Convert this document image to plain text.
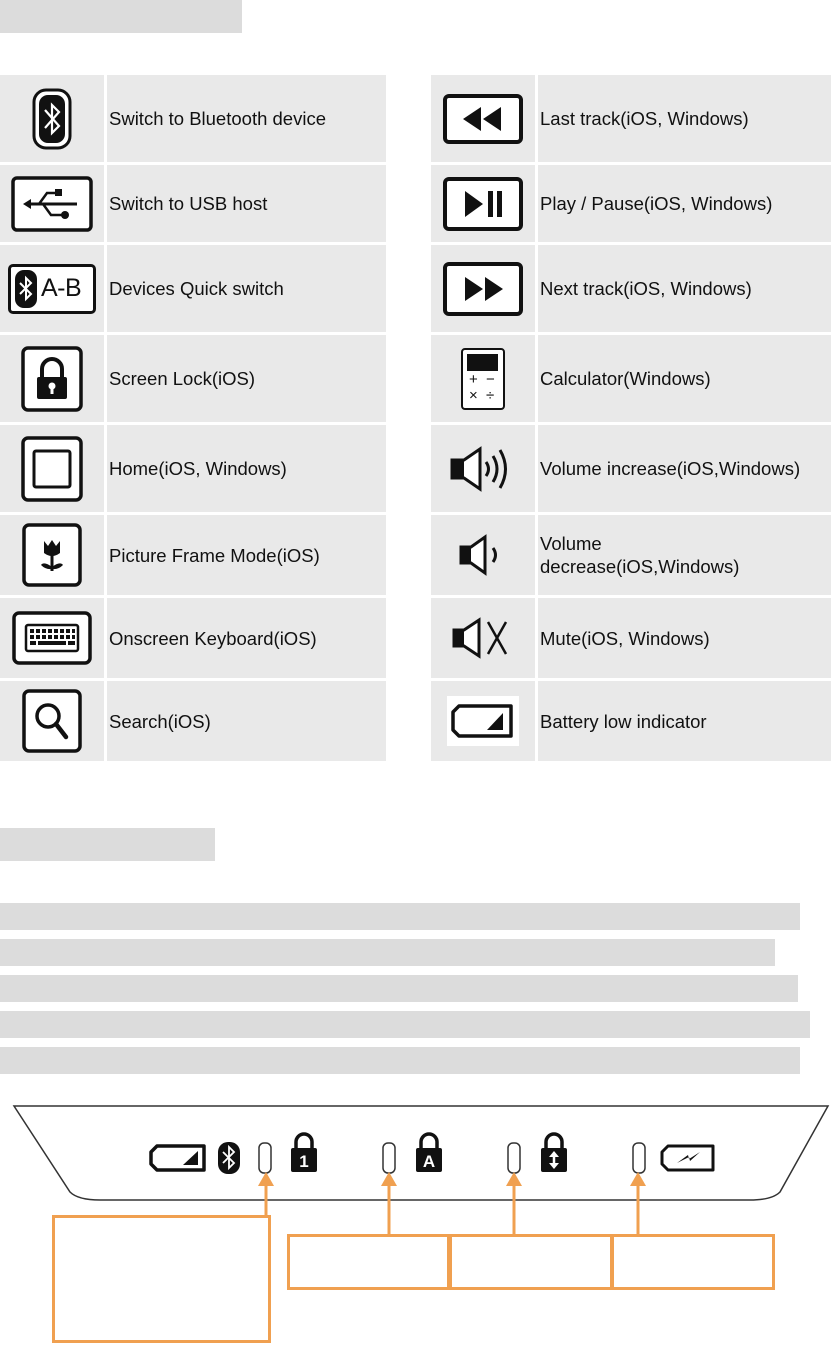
Switch to Bluetooth device
Switch to USB host
A-B Devices Quick switch
Screen Lock(iOS)
Home(iOS, Windows)
Picture Frame Mode(iOS)
Onscreen Keyboard(iOS)
Search(iOS)
Last track(iOS, Windows)
Play / Pause(iOS, Windows)
Next track(iOS, Windows)
+ −
× ÷
Calculator(Windows)
Volume increase(iOS,Windows)
Volume decrease(iOS,Windows)
Mute(iOS, Windows)
Battery low indicator
1	A
